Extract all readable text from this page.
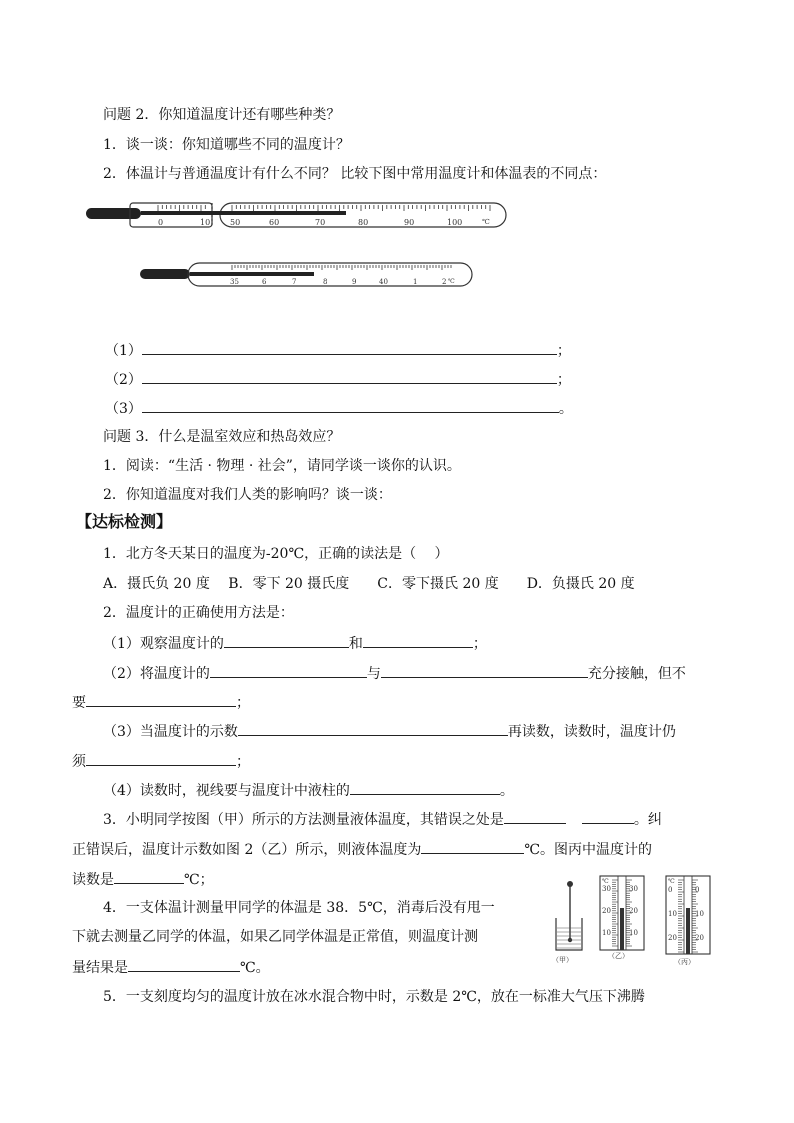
问题 2．你知道温度计还有哪些种类？
1．谈一谈：你知道哪些不同的温度计？
2．体温计与普通温度计有什么不同？ 比较下图中常用温度计和体温表的不同点：
0	10 50	60	70	80	90	100	℃
35	6	7	8	9	40	1	2 ℃
（1）	；
（2）	；
（3）	。
问题 3．什么是温室效应和热岛效应？
1．阅读：“生活 · 物理 · 社会”，请同学谈一谈你的认识。
2．你知道温度对我们人类的影响吗？谈一谈：
【达标检测】
1．北方冬天某日的温度为-20℃，正确的读法是（　 ）
A．摄氏负 20 度　 B．零下 20 摄氏度　　C．零下摄氏 20 度　　D．负摄氏 20 度
2．温度计的正确使用方法是：
（1）观察温度计的	和	；
（2）将温度计的	与	充分接触，但不
要	；
（3）当温度计的示数	再读数，读数时，温度计仍
须	；
（4）读数时，视线要与温度计中液柱的	。
3．小明同学按图（甲）所示的方法测量液体温度，其错误之处是	。纠
正错误后，温度计示数如图 2（乙）所示，则液体温度为	℃。图丙中温度计的
读数是	℃；
4．一支体温计测量甲同学的体温是 38．5℃，消毒后没有甩一
下就去测量乙同学的体温，如果乙同学体温是正常值，则温度计测
量结果是	℃。
5．一支刻度均匀的温度计放在冰水混合物中时，示数是 2℃，放在一标准大气压下沸腾
（甲）
℃
30	30
20	20
10	10
（乙）
℃
0	0
10	10
20	20
（丙）
